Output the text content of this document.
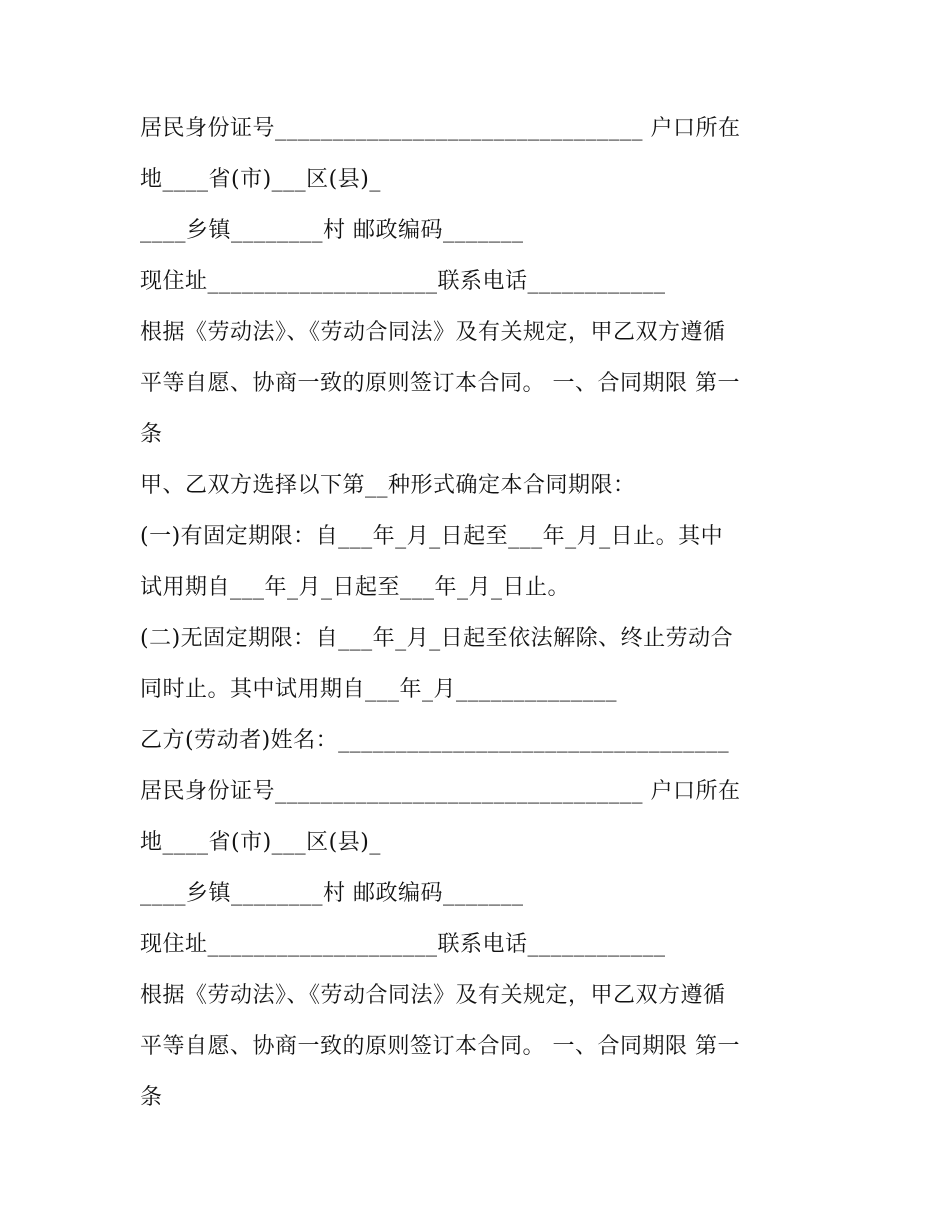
居民身份证号________________________________ 户口所在
地____省(市)___区(县)_
____乡镇________村 邮政编码_______
现住址____________________联系电话____________
根据《劳动法》、《劳动合同法》及有关规定，甲乙双方遵循
平等自愿、协商一致的原则签订本合同。 一、合同期限 第一
条
甲、乙双方选择以下第__种形式确定本合同期限：
(一)有固定期限：自___年_月_日起至___年_月_日止。其中
试用期自___年_月_日起至___年_月_日止。
(二)无固定期限：自___年_月_日起至依法解除、终止劳动合
同时止。其中试用期自___年_月______________
乙方(劳动者)姓名：__________________________________
居民身份证号________________________________ 户口所在
地____省(市)___区(县)_
____乡镇________村 邮政编码_______
现住址____________________联系电话____________
根据《劳动法》、《劳动合同法》及有关规定，甲乙双方遵循
平等自愿、协商一致的原则签订本合同。 一、合同期限 第一
条
